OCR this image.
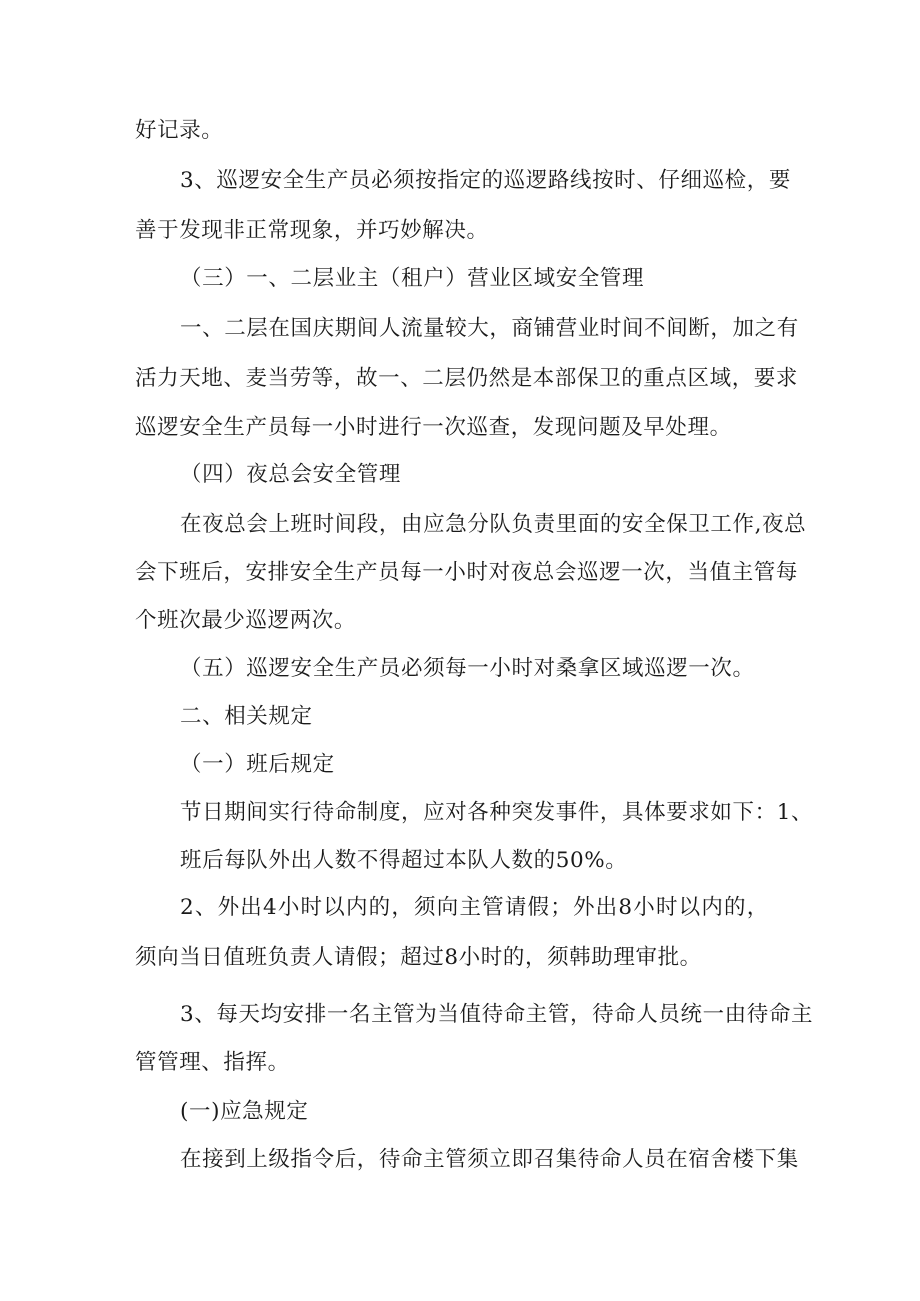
好记录。
3、巡逻安全生产员必须按指定的巡逻路线按时、仔细巡检，要
善于发现非正常现象，并巧妙解决。
（三）一、二层业主（租户）营业区域安全管理
一、二层在国庆期间人流量较大，商铺营业时间不间断，加之有
活力天地、麦当劳等，故一、二层仍然是本部保卫的重点区域，要求
巡逻安全生产员每一小时进行一次巡查，发现问题及早处理。
（四）夜总会安全管理
在夜总会上班时间段，由应急分队负责里面的安全保卫工作,夜总
会下班后，安排安全生产员每一小时对夜总会巡逻一次，当值主管每
个班次最少巡逻两次。
（五）巡逻安全生产员必须每一小时对桑拿区域巡逻一次。
二、相关规定
（一）班后规定
节日期间实行待命制度，应对各种突发事件，具体要求如下：1、
班后每队外出人数不得超过本队人数的50%。
2、外出4小时以内的，须向主管请假；外出8小时以内的，
须向当日值班负责人请假；超过8小时的，须韩助理审批。
3、每天均安排一名主管为当值待命主管，待命人员统一由待命主
管管理、指挥。
(一)应急规定
在接到上级指令后，待命主管须立即召集待命人员在宿舍楼下集
